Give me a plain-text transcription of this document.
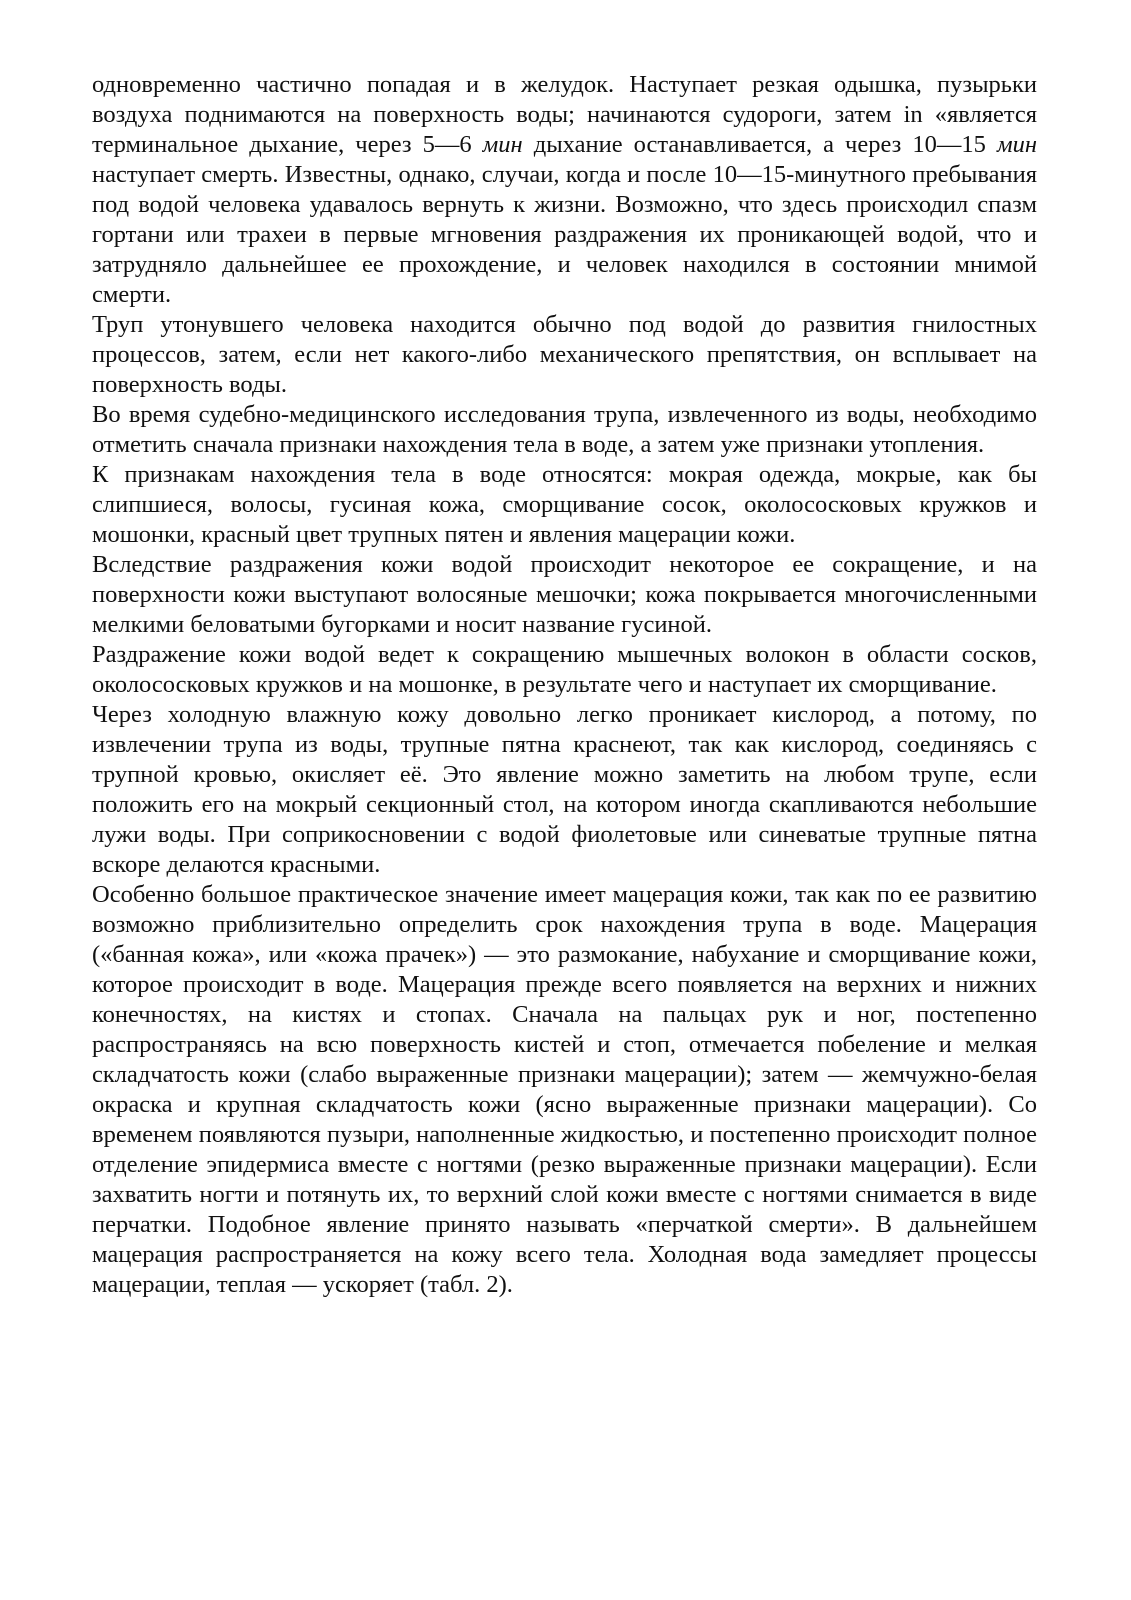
одновременно частично попадая и в желудок. Наступает резкая одышка, пузырьки воздуха поднимаются на поверхность воды; начинаются судороги, затем in «является терминальное дыхание, через 5—6 мин дыхание останавливается, а через 10—15 мин наступает смерть. Известны, однако, случаи, когда и после 10—15-минутного пребывания под водой человека удавалось вернуть к жизни. Возможно, что здесь происходил спазм гортани или трахеи в первые мгновения раздражения их проникающей водой, что и затрудняло дальнейшее ее прохождение, и человек находился в состоянии мнимой смерти.

Труп утонувшего человека находится обычно под водой до развития гнилостных процессов, затем, если нет какого-либо механического препятствия, он всплывает на поверхность воды.

Во время судебно-медицинского исследования трупа, извлеченного из воды, необходимо отметить сначала признаки нахождения тела в воде, а затем уже признаки утопления.

К признакам нахождения тела в воде относятся: мокрая одежда, мокрые, как бы слипшиеся, волосы, гусиная кожа, сморщивание сосок, околососковых кружков и мошонки, красный цвет трупных пятен и явления мацерации кожи.

Вследствие раздражения кожи водой происходит некоторое ее сокращение, и на поверхности кожи выступают волосяные мешочки; кожа покрывается многочисленными мелкими беловатыми бугорками и носит название гусиной.

Раздражение кожи водой ведет к сокращению мышечных волокон в области сосков, околососковых кружков и на мошонке, в результате чего и наступает их сморщивание.

Через холодную влажную кожу довольно легко проникает кислород, а потому, по извлечении трупа из воды, трупные пятна краснеют, так как кислород, соединяясь с трупной кровью, окисляет её. Это явление можно заметить на любом трупе, если положить его на мокрый секционный стол, на котором иногда скапливаются небольшие лужи воды. При соприкосновении с водой фиолетовые или синеватые трупные пятна вскоре делаются красными.

Особенно большое практическое значение имеет мацерация кожи, так как по ее развитию возможно приблизительно определить срок нахождения трупа в воде. Мацерация («банная кожа», или «кожа прачек») — это размокание, набухание и сморщивание кожи, которое происходит в воде. Мацерация прежде всего появляется на верхних и нижних конечностях, на кистях и стопах. Сначала на пальцах рук и ног, постепенно распространяясь на всю поверхность кистей и стоп, отмечается побеление и мелкая складчатость кожи (слабо выраженные признаки мацерации); затем — жемчужно-белая окраска и крупная складчатость кожи (ясно выраженные признаки мацерации). Со временем появляются пузыри, наполненные жидкостью, и постепенно происходит полное отделение эпидермиса вместе с ногтями (резко выраженные признаки мацерации). Если захватить ногти и потянуть их, то верхний слой кожи вместе с ногтями снимается в виде перчатки. Подобное явление принято называть «перчаткой смерти». В дальнейшем мацерация распространяется на кожу всего тела. Холодная вода замедляет процессы мацерации, теплая — ускоряет (табл. 2).
